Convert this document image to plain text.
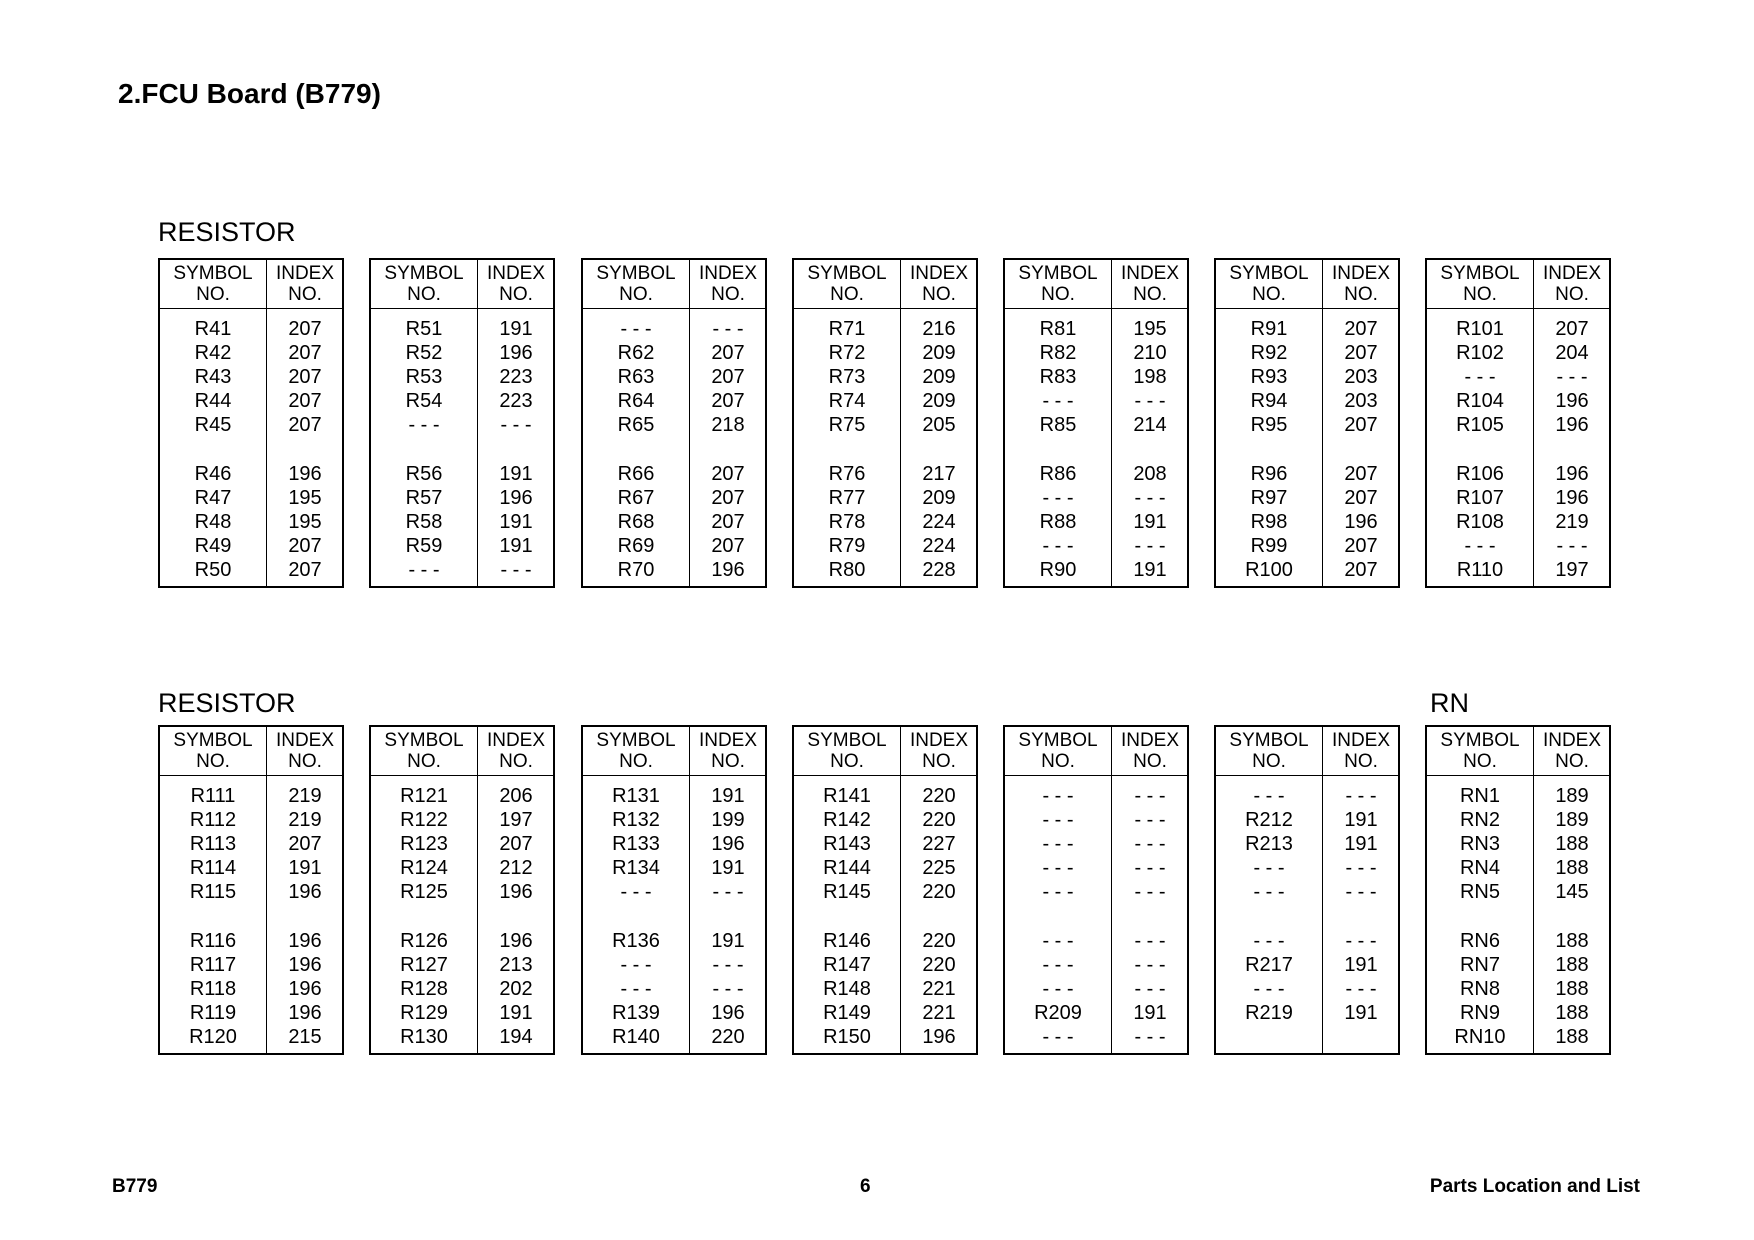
2.FCU Board (B779)
RESISTOR
RESISTOR	RN
SYMBOL
NO.
INDEX
NO.
R41	207
R42	207
R43	207
R44	207
R45	207
R46	196
R47	195
R48	195
R49	207
R50	207
SYMBOL
NO.
INDEX
NO.
R51	191
R52	196
R53	223
R54	223
- - -	- - -
R56	191
R57	196
R58	191
R59	191
- - -	- - -
SYMBOL
NO.
INDEX
NO.
- - -	- - -
R62	207
R63	207
R64	207
R65	218
R66	207
R67	207
R68	207
R69	207
R70	196
SYMBOL
NO.
INDEX
NO.
R71	216
R72	209
R73	209
R74	209
R75	205
R76	217
R77	209
R78	224
R79	224
R80	228
SYMBOL
NO.
INDEX
NO.
R81	195
R82	210
R83	198
- - -	- - -
R85	214
R86	208
- - -	- - -
R88	191
- - -	- - -
R90	191
SYMBOL
NO.
INDEX
NO.
R91	207
R92	207
R93	203
R94	203
R95	207
R96	207
R97	207
R98	196
R99	207
R100	207
SYMBOL
NO.
INDEX
NO.
R101	207
R102	204
- - -	- - -
R104	196
R105	196
R106	196
R107	196
R108	219
- - -	- - -
R110	197
SYMBOL
NO.
INDEX
NO.
R111	219
R112	219
R113	207
R114	191
R115	196
R116	196
R117	196
R118	196
R119	196
R120	215
SYMBOL
NO.
INDEX
NO.
R121	206
R122	197
R123	207
R124	212
R125	196
R126	196
R127	213
R128	202
R129	191
R130	194
SYMBOL
NO.
INDEX
NO.
R131	191
R132	199
R133	196
R134	191
- - -	- - -
R136	191
- - -	- - -
- - -	- - -
R139	196
R140	220
SYMBOL
NO.
INDEX
NO.
R141	220
R142	220
R143	227
R144	225
R145	220
R146	220
R147	220
R148	221
R149	221
R150	196
SYMBOL
NO.
INDEX
NO.
- - -	- - -
- - -	- - -
- - -	- - -
- - -	- - -
- - -	- - -
- - -	- - -
- - -	- - -
- - -	- - -
R209	191
- - -	- - -
SYMBOL
NO.
INDEX
NO.
- - -	- - -
R212	191
R213	191
- - -	- - -
- - -	- - -
- - -	- - -
R217	191
- - -	- - -
R219	191
SYMBOL
NO.
INDEX
NO.
RN1	189
RN2	189
RN3	188
RN4	188
RN5	145
RN6	188
RN7	188
RN8	188
RN9	188
RN10	188
B779	6	Parts Location and List
